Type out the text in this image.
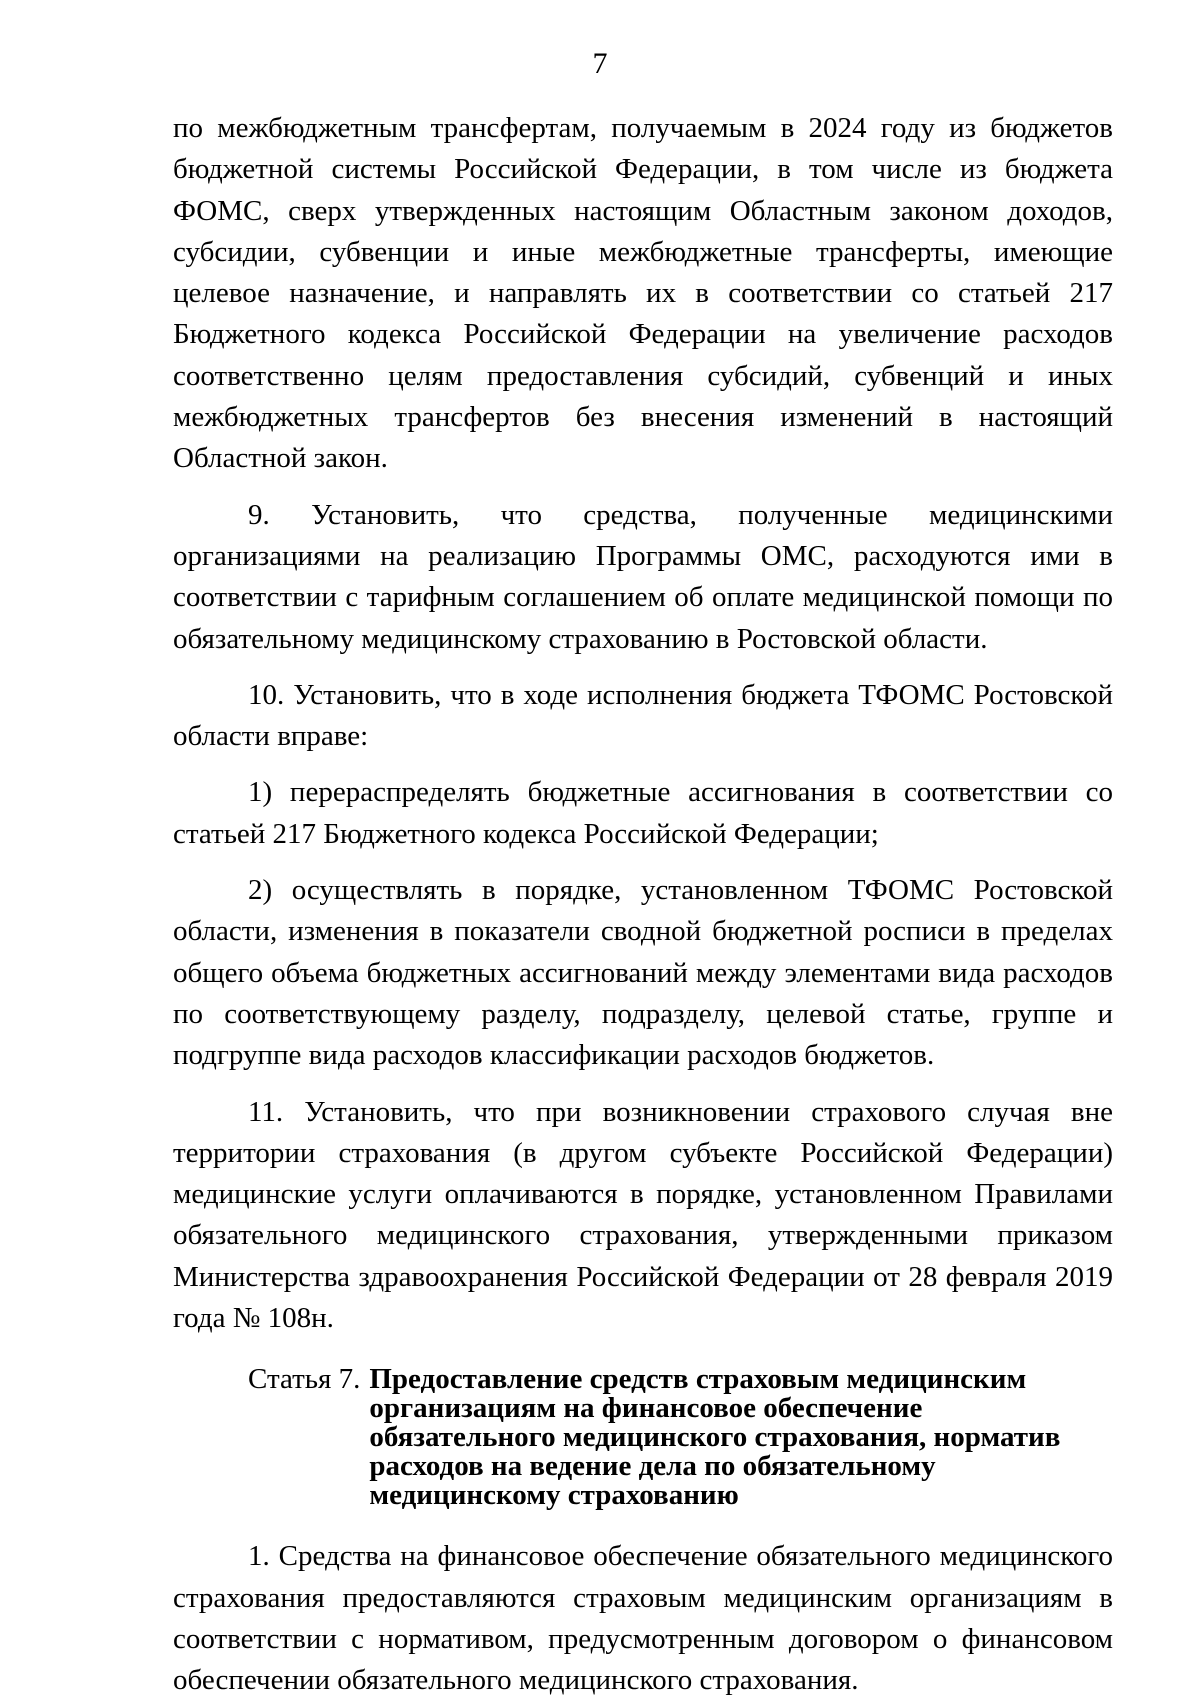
7

по межбюджетным трансфертам, получаемым в 2024 году из бюджетов бюджетной системы Российской Федерации, в том числе из бюджета ФОМС, сверх утвержденных настоящим Областным законом доходов, субсидии, субвенции и иные межбюджетные трансферты, имеющие целевое назначение, и направлять их в соответствии со статьей 217 Бюджетного кодекса Российской Федерации на увеличение расходов соответственно целям предоставления субсидий, субвенций и иных межбюджетных трансфертов без внесения изменений в настоящий Областной закон.

9. Установить, что средства, полученные медицинскими организациями на реализацию Программы ОМС, расходуются ими в соответствии с тарифным соглашением об оплате медицинской помощи по обязательному медицинскому страхованию в Ростовской области.

10. Установить, что в ходе исполнения бюджета ТФОМС Ростовской области вправе:

1) перераспределять бюджетные ассигнования в соответствии со статьей 217 Бюджетного кодекса Российской Федерации;

2) осуществлять в порядке, установленном ТФОМС Ростовской области, изменения в показатели сводной бюджетной росписи в пределах общего объема бюджетных ассигнований между элементами вида расходов по соответствующему разделу, подразделу, целевой статье, группе и подгруппе вида расходов классификации расходов бюджетов.

11. Установить, что при возникновении страхового случая вне территории страхования (в другом субъекте Российской Федерации) медицинские услуги оплачиваются в порядке, установленном Правилами обязательного медицинского страхования, утвержденными приказом Министерства здравоохранения Российской Федерации от 28 февраля 2019 года № 108н.

Статья 7. Предоставление средств страховым медицинским организациям на финансовое обеспечение обязательного медицинского страхования, норматив расходов на ведение дела по обязательному медицинскому страхованию

1. Средства на финансовое обеспечение обязательного медицинского страхования предоставляются страховым медицинским организациям в соответствии с нормативом, предусмотренным договором о финансовом обеспечении обязательного медицинского страхования.
